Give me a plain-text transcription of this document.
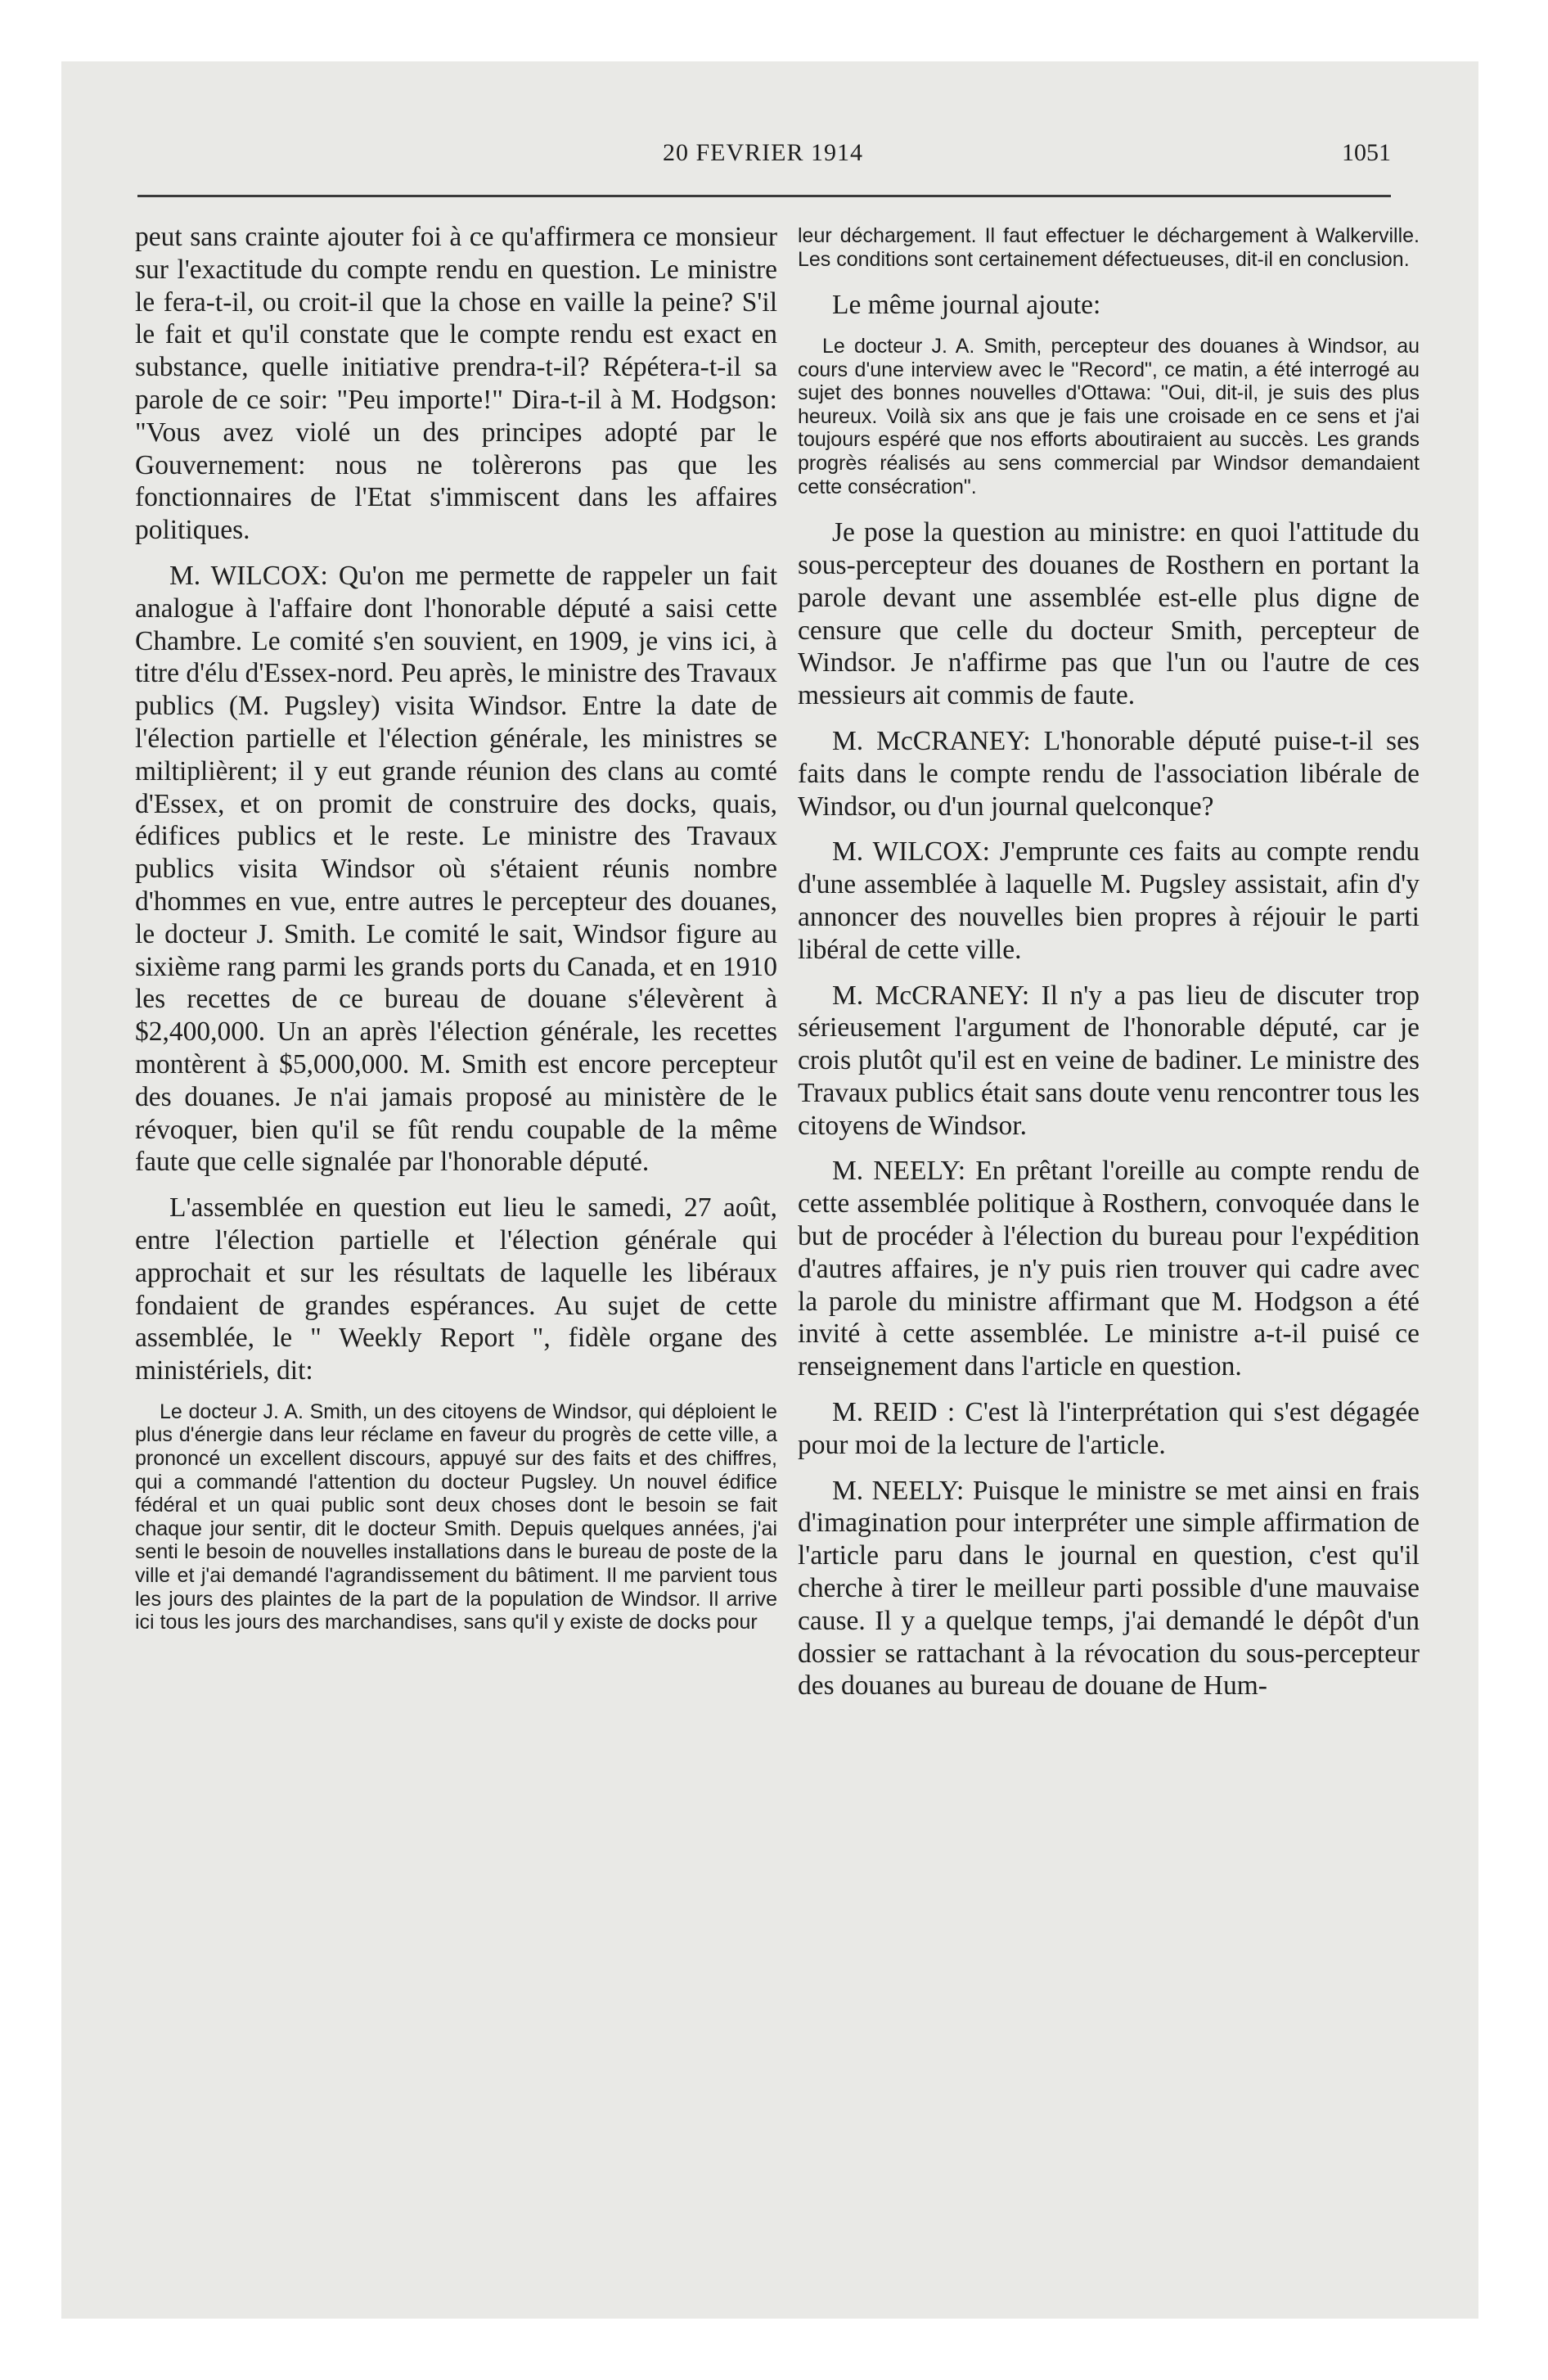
20 FEVRIER 1914	1051

peut sans crainte ajouter foi à ce qu'affirmera ce monsieur sur l'exactitude du compte rendu en question. Le ministre le fera-t-il, ou croit-il que la chose en vaille la peine? S'il le fait et qu'il constate que le compte rendu est exact en substance, quelle initiative prendra-t-il? Répétera-t-il sa parole de ce soir: "Peu importe!" Dira-t-il à M. Hodgson: "Vous avez violé un des principes adopté par le Gouvernement: nous ne tolèrerons pas que les fonctionnaires de l'Etat s'immiscent dans les affaires politiques.

M. WILCOX: Qu'on me permette de rappeler un fait analogue à l'affaire dont l'honorable député a saisi cette Chambre. Le comité s'en souvient, en 1909, je vins ici, à titre d'élu d'Essex-nord. Peu après, le ministre des Travaux publics (M. Pugsley) visita Windsor. Entre la date de l'élection partielle et l'élection générale, les ministres se miltiplièrent; il y eut grande réunion des clans au comté d'Essex, et on promit de construire des docks, quais, édifices publics et le reste. Le ministre des Travaux publics visita Windsor où s'étaient réunis nombre d'hommes en vue, entre autres le percepteur des douanes, le docteur J. Smith. Le comité le sait, Windsor figure au sixième rang parmi les grands ports du Canada, et en 1910 les recettes de ce bureau de douane s'élevèrent à $2,400,000. Un an après l'élection générale, les recettes montèrent à $5,000,000. M. Smith est encore percepteur des douanes. Je n'ai jamais proposé au ministère de le révoquer, bien qu'il se fût rendu coupable de la même faute que celle signalée par l'honorable député.

L'assemblée en question eut lieu le samedi, 27 août, entre l'élection partielle et l'élection générale qui approchait et sur les résultats de laquelle les libéraux fondaient de grandes espérances. Au sujet de cette assemblée, le " Weekly Report ", fidèle organe des ministériels, dit:

Le docteur J. A. Smith, un des citoyens de Windsor, qui déploient le plus d'énergie dans leur réclame en faveur du progrès de cette ville, a prononcé un excellent discours, appuyé sur des faits et des chiffres, qui a commandé l'attention du docteur Pugsley. Un nouvel édifice fédéral et un quai public sont deux choses dont le besoin se fait chaque jour sentir, dit le docteur Smith. Depuis quelques années, j'ai senti le besoin de nouvelles installations dans le bureau de poste de la ville et j'ai demandé l'agrandissement du bâtiment. Il me parvient tous les jours des plaintes de la part de la population de Windsor. Il arrive ici tous les jours des marchandises, sans qu'il y existe de docks pour

leur déchargement. Il faut effectuer le déchargement à Walkerville. Les conditions sont certainement défectueuses, dit-il en conclusion.

Le même journal ajoute:

Le docteur J. A. Smith, percepteur des douanes à Windsor, au cours d'une interview avec le "Record", ce matin, a été interrogé au sujet des bonnes nouvelles d'Ottawa: "Oui, dit-il, je suis des plus heureux. Voilà six ans que je fais une croisade en ce sens et j'ai toujours espéré que nos efforts aboutiraient au succès. Les grands progrès réalisés au sens commercial par Windsor demandaient cette consécration".

Je pose la question au ministre: en quoi l'attitude du sous-percepteur des douanes de Rosthern en portant la parole devant une assemblée est-elle plus digne de censure que celle du docteur Smith, percepteur de Windsor. Je n'affirme pas que l'un ou l'autre de ces messieurs ait commis de faute.

M. McCRANEY: L'honorable député puise-t-il ses faits dans le compte rendu de l'association libérale de Windsor, ou d'un journal quelconque?

M. WILCOX: J'emprunte ces faits au compte rendu d'une assemblée à laquelle M. Pugsley assistait, afin d'y annoncer des nouvelles bien propres à réjouir le parti libéral de cette ville.

M. McCRANEY: Il n'y a pas lieu de discuter trop sérieusement l'argument de l'honorable député, car je crois plutôt qu'il est en veine de badiner. Le ministre des Travaux publics était sans doute venu rencontrer tous les citoyens de Windsor.

M. NEELY: En prêtant l'oreille au compte rendu de cette assemblée politique à Rosthern, convoquée dans le but de procéder à l'élection du bureau pour l'expédition d'autres affaires, je n'y puis rien trouver qui cadre avec la parole du ministre affirmant que M. Hodgson a été invité à cette assemblée. Le ministre a-t-il puisé ce renseignement dans l'article en question.

M. REID : C'est là l'interprétation qui s'est dégagée pour moi de la lecture de l'article.

M. NEELY: Puisque le ministre se met ainsi en frais d'imagination pour interpréter une simple affirmation de l'article paru dans le journal en question, c'est qu'il cherche à tirer le meilleur parti possible d'une mauvaise cause. Il y a quelque temps, j'ai demandé le dépôt d'un dossier se rattachant à la révocation du sous-percepteur des douanes au bureau de douane de Hum-
